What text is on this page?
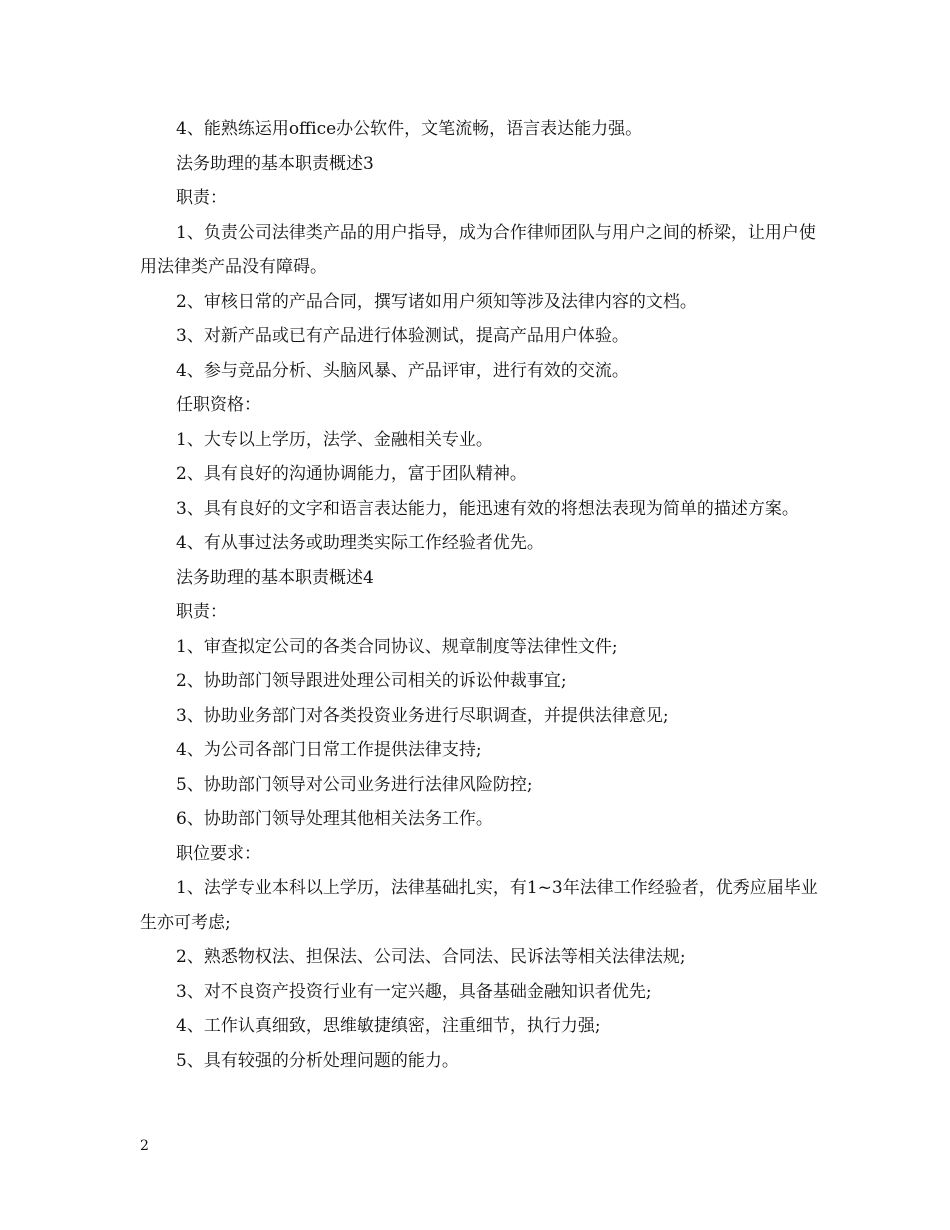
4、能熟练运用office办公软件，文笔流畅，语言表达能力强。

法务助理的基本职责概述3

职责：

1、负责公司法律类产品的用户指导，成为合作律师团队与用户之间的桥梁，让用户使用法律类产品没有障碍。

2、审核日常的产品合同，撰写诸如用户须知等涉及法律内容的文档。

3、对新产品或已有产品进行体验测试，提高产品用户体验。

4、参与竞品分析、头脑风暴、产品评审，进行有效的交流。

任职资格：

1、大专以上学历，法学、金融相关专业。

2、具有良好的沟通协调能力，富于团队精神。

3、具有良好的文字和语言表达能力，能迅速有效的将想法表现为简单的描述方案。

4、有从事过法务或助理类实际工作经验者优先。

法务助理的基本职责概述4

职责：

1、审查拟定公司的各类合同协议、规章制度等法律性文件;

2、协助部门领导跟进处理公司相关的诉讼仲裁事宜;

3、协助业务部门对各类投资业务进行尽职调查，并提供法律意见;

4、为公司各部门日常工作提供法律支持;

5、协助部门领导对公司业务进行法律风险防控;

6、协助部门领导处理其他相关法务工作。

职位要求：

1、法学专业本科以上学历，法律基础扎实，有1~3年法律工作经验者，优秀应届毕业生亦可考虑;

2、熟悉物权法、担保法、公司法、合同法、民诉法等相关法律法规;

3、对不良资产投资行业有一定兴趣，具备基础金融知识者优先;

4、工作认真细致，思维敏捷缜密，注重细节，执行力强;

5、具有较强的分析处理问题的能力。

2
